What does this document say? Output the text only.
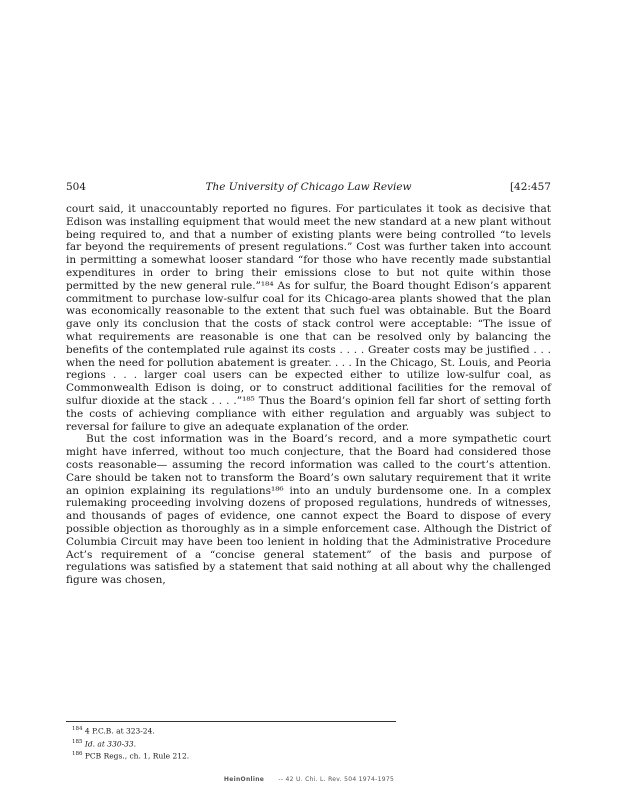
504	The University of Chicago Law Review	[42:457

court said, it unaccountably reported no figures. For particulates it took as decisive that Edison was installing equipment that would meet the new standard at a new plant without being required to, and that a number of existing plants were being controlled “to levels far beyond the requirements of present regulations.” Cost was further taken into account in permitting a somewhat looser standard “for those who have recently made substantial expenditures in order to bring their emissions close to but not quite within those permitted by the new general rule.”¹⁸⁴ As for sulfur, the Board thought Edison’s apparent commitment to purchase low-sulfur coal for its Chicago-area plants showed that the plan was economically reasonable to the extent that such fuel was obtainable. But the Board gave only its conclusion that the costs of stack control were acceptable: “The issue of what requirements are reasonable is one that can be resolved only by balancing the benefits of the contemplated rule against its costs . . . . Greater costs may be justified . . . when the need for pollution abatement is greater. . . . In the Chicago, St. Louis, and Peoria regions . . . larger coal users can be expected either to utilize low-sulfur coal, as Commonwealth Edison is doing, or to construct additional facilities for the removal of sulfur dioxide at the stack . . . .”¹⁸⁵ Thus the Board’s opinion fell far short of setting forth the costs of achieving compliance with either regulation and arguably was subject to reversal for failure to give an adequate explanation of the order.

But the cost information was in the Board’s record, and a more sympathetic court might have inferred, without too much conjecture, that the Board had considered those costs reasonable— assuming the record information was called to the court’s attention. Care should be taken not to transform the Board’s own salutary requirement that it write an opinion explaining its regulations¹⁸⁶ into an unduly burdensome one. In a complex rulemaking proceeding involving dozens of proposed regulations, hundreds of witnesses, and thousands of pages of evidence, one cannot expect the Board to dispose of every possible objection as thoroughly as in a simple enforcement case. Although the District of Columbia Circuit may have been too lenient in holding that the Administrative Procedure Act’s requirement of a “concise general statement” of the basis and purpose of regulations was satisfied by a statement that said nothing at all about why the challenged figure was chosen,

$^{184}$ 4 P.C.B. at 323-24.
$^{185}$ Id. at 330-33.
$^{186}$ PCB Regs., ch. 1, Rule 212.
HeinOnline -- 42 U. Chi. L. Rev. 504 1974-1975
